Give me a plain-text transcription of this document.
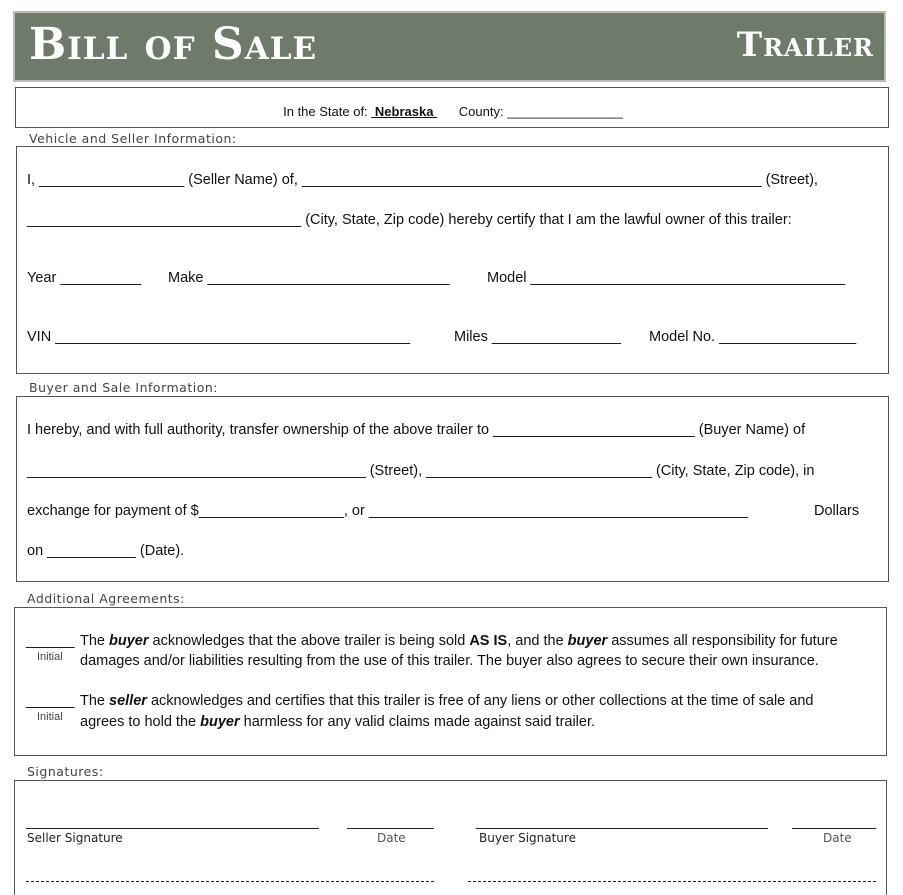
Bill of Sale	Trailer
In the State of: Nebraska County: ________________
Vehicle and Seller Information:
I, __________________ (Seller Name) of, _________________________________________________________ (Street),
__________________________________ (City, State, Zip code) hereby certify that I am the lawful owner of this trailer:
Year __________ Make ______________________________	Model _______________________________________
VIN ____________________________________________	Miles ________________ Model No. _________________
Buyer and Sale Information:
I hereby, and with full authority, transfer ownership of the above trailer to _________________________ (Buyer Name) of
__________________________________________ (Street), ____________________________ (City, State, Zip code), in
exchange for payment of $__________________, or _______________________________________________	Dollars
on ___________ (Date).
Additional Agreements:
______
Initial
The buyer acknowledges that the above trailer is being sold AS IS, and the buyer assumes all responsibility for future
damages and/or liabilities resulting from the use of this trailer. The buyer also agrees to secure their own insurance.
______
Initial
The seller acknowledges and certifies that this trailer is free of any liens or other collections at the time of sale and
agrees to hold the buyer harmless for any valid claims made against said trailer.
Signatures:
Seller Signature	Date	Buyer Signature	Date
